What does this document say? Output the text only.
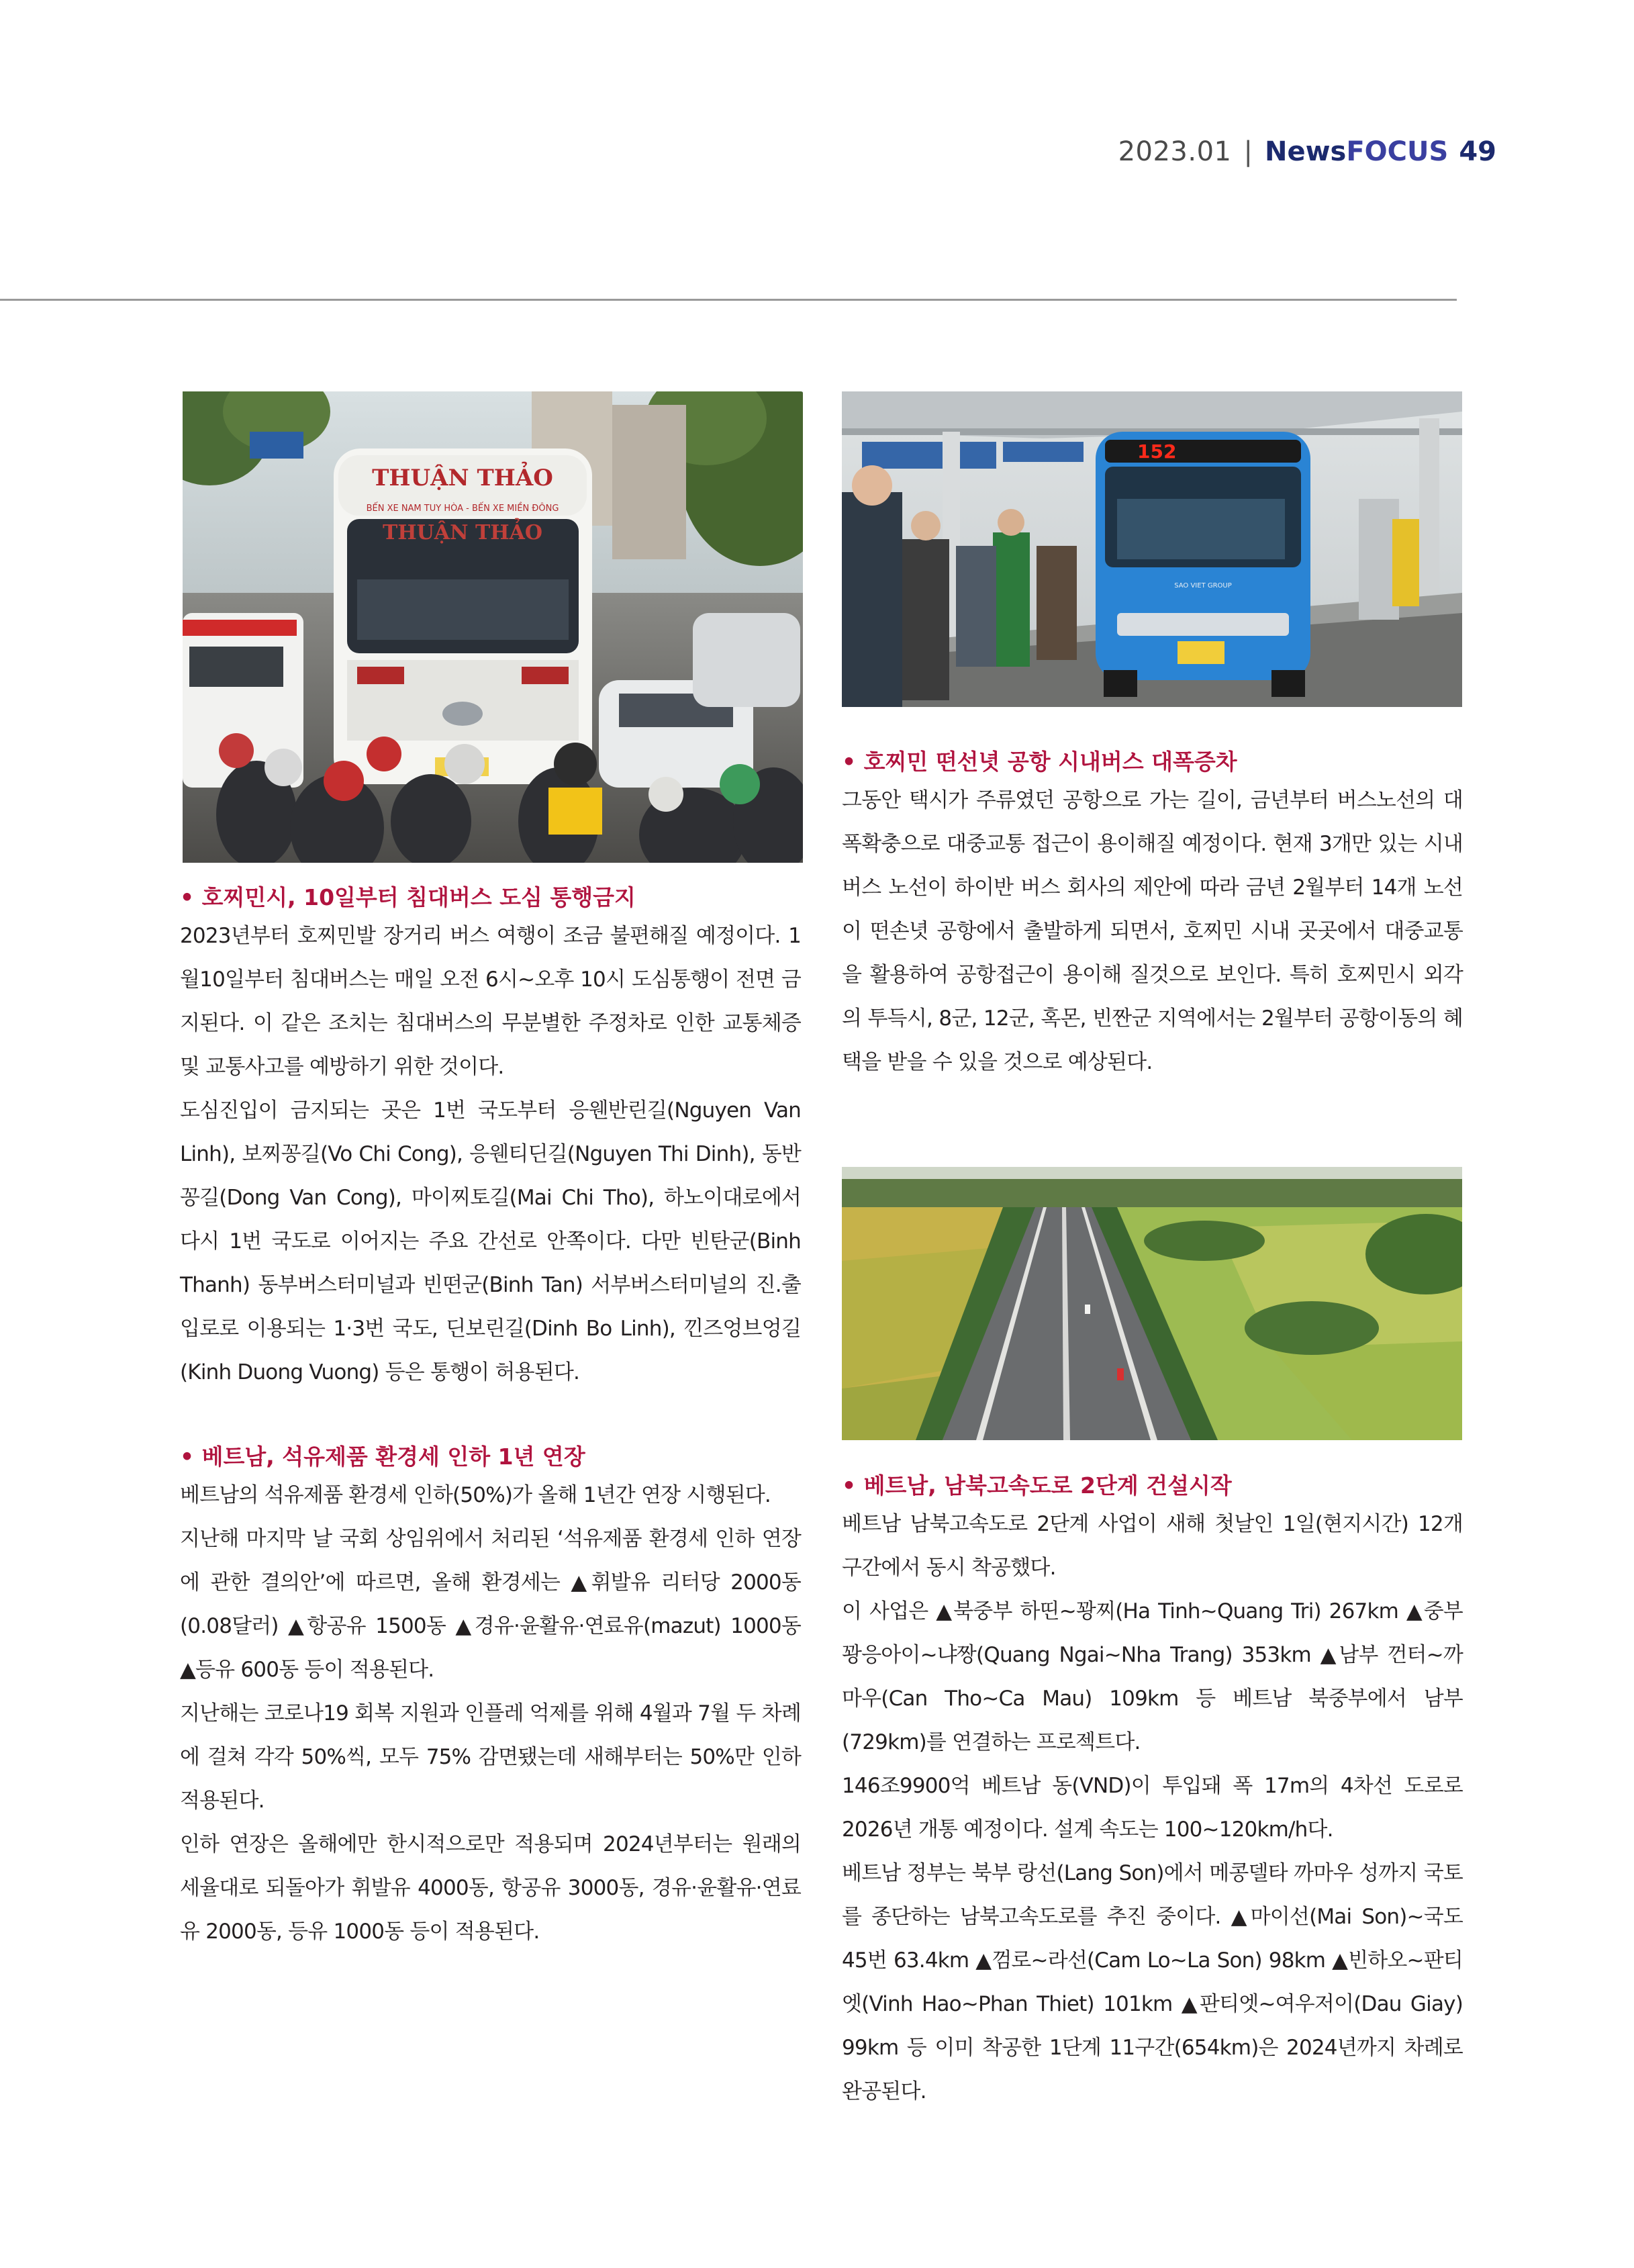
2023.01 | News FOCUS 49
THUẬN THẢO
BẾN XE NAM TUY HÒA - BẾN XE MIỀN ĐÔNG
THUẬN THẢO
152
SAO VIET GROUP
• 호찌민시, 10일부터 침대버스 도심 통행금지

2023년부터 호찌민발 장거리 버스 여행이 조금 불편해질 예정이다. 1월10일부터 침대버스는 매일 오전 6시~오후 10시 도심통행이 전면 금지된다. 이 같은 조치는 침대버스의 무분별한 주정차로 인한 교통체증 및 교통사고를 예방하기 위한 것이다.

도심진입이 금지되는 곳은 1번 국도부터 응웬반린길(Nguyen Van Linh), 보찌꽁길(Vo Chi Cong), 응웬티딘길(Nguyen Thi Dinh), 동반꽁길(Dong Van Cong), 마이찌토길(Mai Chi Tho), 하노이대로에서 다시 1번 국도로 이어지는 주요 간선로 안쪽이다. 다만 빈탄군(Binh Thanh) 동부버스터미널과 빈떤군(Binh Tan) 서부버스터미널의 진.출입로로 이용되는 1·3번 국도, 딘보린길(Dinh Bo Linh), 낀즈엉브엉길(Kinh Duong Vuong) 등은 통행이 허용된다.

• 베트남, 석유제품 환경세 인하 1년 연장

베트남의 석유제품 환경세 인하(50%)가 올해 1년간 연장 시행된다.

지난해 마지막 날 국회 상임위에서 처리된 ‘석유제품 환경세 인하 연장에 관한 결의안’에 따르면, 올해 환경세는 ▲휘발유 리터당 2000동(0.08달러) ▲항공유 1500동 ▲경유·윤활유·연료유(mazut) 1000동 ▲등유 600동 등이 적용된다.

지난해는 코로나19 회복 지원과 인플레 억제를 위해 4월과 7월 두 차례에 걸쳐 각각 50%씩, 모두 75% 감면됐는데 새해부터는 50%만 인하 적용된다.

인하 연장은 올해에만 한시적으로만 적용되며 2024년부터는 원래의 세율대로 되돌아가 휘발유 4000동, 항공유 3000동, 경유·윤활유·연료유 2000동, 등유 1000동 등이 적용된다.

• 호찌민 떤선녓 공항 시내버스 대폭증차

그동안 택시가 주류였던 공항으로 가는 길이, 금년부터 버스노선의 대폭확충으로 대중교통 접근이 용이해질 예정이다. 현재 3개만 있는 시내버스 노선이 하이반 버스 회사의 제안에 따라 금년 2월부터 14개 노선이 떤손녓 공항에서 출발하게 되면서, 호찌민 시내 곳곳에서 대중교통을 활용하여 공항접근이 용이해 질것으로 보인다. 특히 호찌민시 외각의 투득시, 8군, 12군, 혹몬, 빈짠군 지역에서는 2월부터 공항이동의 혜택을 받을 수 있을 것으로 예상된다.

• 베트남, 남북고속도로 2단계 건설시작

베트남 남북고속도로 2단계 사업이 새해 첫날인 1일(현지시간) 12개 구간에서 동시 착공했다.

이 사업은 ▲북중부 하띤~꽝찌(Ha Tinh~Quang Tri) 267km ▲중부 꽝응아이~냐짱(Quang Ngai~Nha Trang) 353km ▲남부 껀터~까마우(Can Tho~Ca Mau) 109km 등 베트남 북중부에서 남부(729km)를 연결하는 프로젝트다.

146조9900억 베트남 동(VND)이 투입돼 폭 17m의 4차선 도로로 2026년 개통 예정이다. 설계 속도는 100~120km/h다.

베트남 정부는 북부 랑선(Lang Son)에서 메콩델타 까마우 성까지 국토를 종단하는 남북고속도로를 추진 중이다. ▲마이선(Mai Son)~국도 45번 63.4km ▲껌로~라선(Cam Lo~La Son) 98km ▲빈하오~판티엣(Vinh Hao~Phan Thiet) 101km ▲판티엣~여우저이(Dau Giay) 99km 등 이미 착공한 1단계 11구간(654km)은 2024년까지 차례로 완공된다.
